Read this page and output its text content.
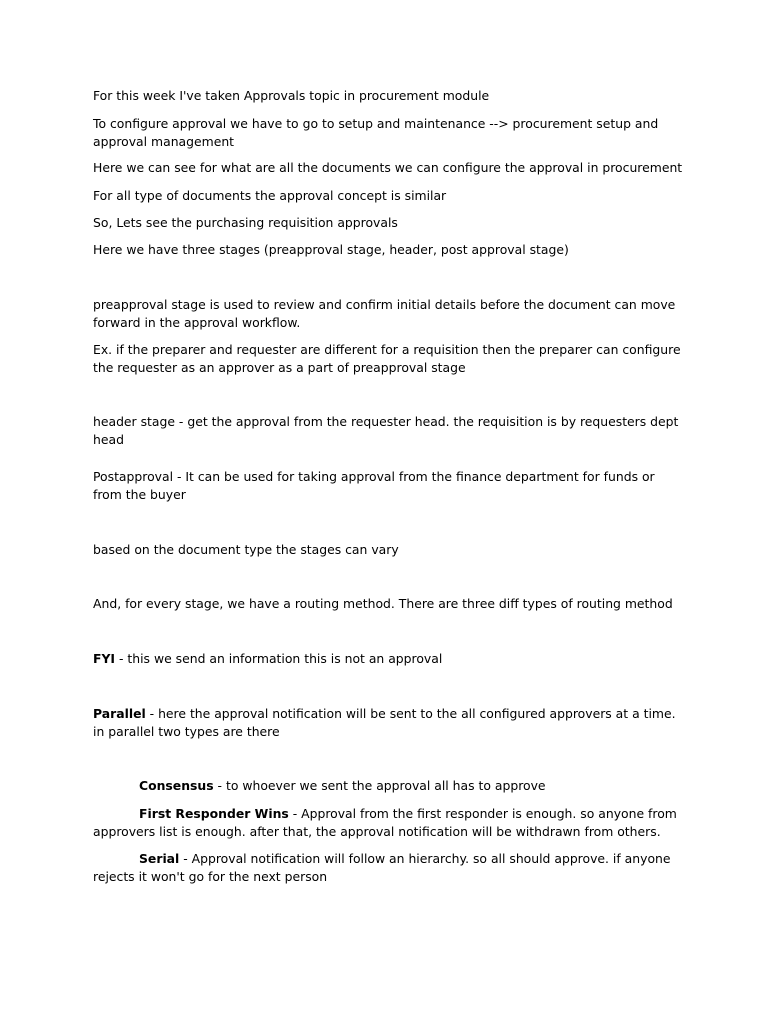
For this week I've taken Approvals topic in procurement module

To configure approval we have to go to setup and maintenance --> procurement setup and approval management

Here we can see for what are all the documents we can configure the approval in procurement

For all type of documents the approval concept is similar

So, Lets see the purchasing requisition approvals

Here we have three stages (preapproval stage, header, post approval stage)

preapproval stage is used to review and confirm initial details before the document can move forward in the approval workflow.

Ex. if the preparer and requester are different for a requisition then the preparer can configure the requester as an approver as a part of preapproval stage

header stage - get the approval from the requester head. the requisition is by requesters dept head

Postapproval - It can be used for taking approval from the finance department for funds or from the buyer

based on the document type the stages can vary

And, for every stage, we have a routing method. There are three diff types of routing method

FYI - this we send an information this is not an approval

Parallel - here the approval notification will be sent to the all configured approvers at a time. in parallel two types are there

Consensus - to whoever we sent the approval all has to approve

First Responder Wins - Approval from the first responder is enough. so anyone from approvers list is enough. after that, the approval notification will be withdrawn from others.

Serial - Approval notification will follow an hierarchy. so all should approve. if anyone rejects it won't go for the next person
